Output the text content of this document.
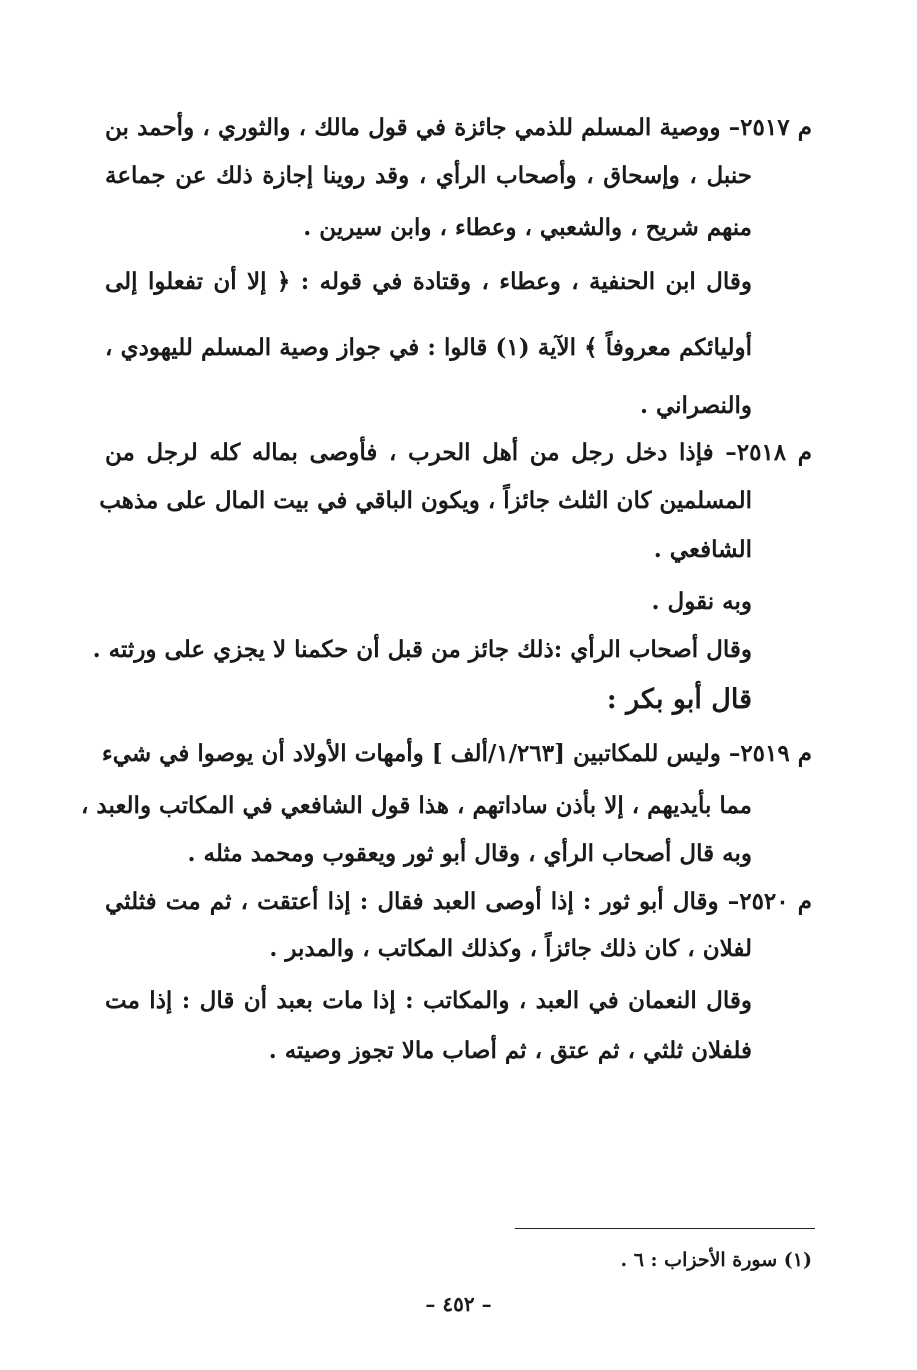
م ٢٥١٧– ووصية المسلم للذمي جائزة في قول مالك ، والثوري ، وأحمد بن
حنبل ، وإسحاق ، وأصحاب الرأي ، وقد روينا إجازة ذلك عن جماعة
منهم شريح ، والشعبي ، وعطاء ، وابن سيرين .
وقال ابن الحنفية ، وعطاء ، وقتادة في قوله : ﴿ إلا أن تفعلوا إلى
أوليائكم معروفاً ﴾ الآية (١) قالوا : في جواز وصية المسلم لليهودي ،
والنصراني .
م ٢٥١٨– فإذا دخل رجل من أهل الحرب ، فأوصى بماله كله لرجل من
المسلمين كان الثلث جائزاً ، ويكون الباقي في بيت المال على مذهب
الشافعي .
وبه نقول .
وقال أصحاب الرأي :ذلك جائز من قبل أن حكمنا لا يجزي على ورثته .
قال أبو بكر :
م ٢٥١٩– وليس للمكاتبين [١/٢٦٣/ألف ] وأمهات الأولاد أن يوصوا في شيء
مما بأيديهم ، إلا بأذن ساداتهم ، هذا قول الشافعي في المكاتب والعبد ،
وبه قال أصحاب الرأي ، وقال أبو ثور ويعقوب ومحمد مثله .
م ٢٥٢٠– وقال أبو ثور : إذا أوصى العبد فقال : إذا أعتقت ، ثم مت فثلثي
لفلان ، كان ذلك جائزاً ، وكذلك المكاتب ، والمدبر .
وقال النعمان في العبد ، والمكاتب : إذا مات بعبد أن قال : إذا مت
فلفلان ثلثي ، ثم عتق ، ثم أصاب مالا تجوز وصيته .
(١) سورة الأحزاب : ٦ .
– ٤٥٢ –
